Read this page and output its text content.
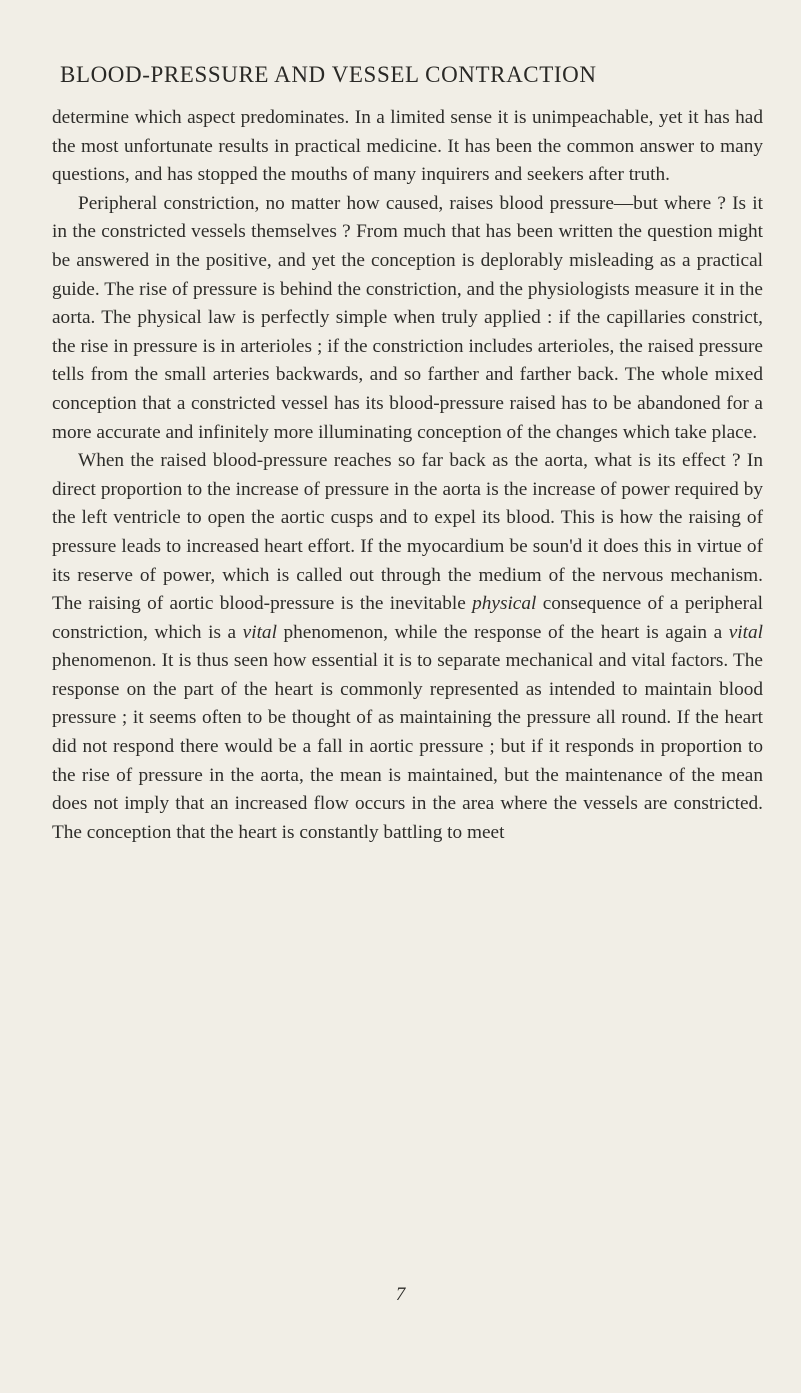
BLOOD-PRESSURE AND VESSEL CONTRACTION

determine which aspect predominates. In a limited sense it is unimpeachable, yet it has had the most unfortunate results in practical medicine. It has been the common answer to many questions, and has stopped the mouths of many inquirers and seekers after truth.

Peripheral constriction, no matter how caused, raises blood pressure—but where ? Is it in the constricted vessels themselves ? From much that has been written the question might be answered in the positive, and yet the conception is deplorably misleading as a practical guide. The rise of pressure is behind the constriction, and the physiologists measure it in the aorta. The physical law is perfectly simple when truly applied : if the capillaries constrict, the rise in pressure is in arterioles ; if the constriction includes arterioles, the raised pressure tells from the small arteries backwards, and so farther and farther back. The whole mixed conception that a constricted vessel has its blood-pressure raised has to be abandoned for a more accurate and infinitely more illuminating conception of the changes which take place.

When the raised blood-pressure reaches so far back as the aorta, what is its effect ? In direct proportion to the increase of pressure in the aorta is the increase of power required by the left ventricle to open the aortic cusps and to expel its blood. This is how the raising of pressure leads to increased heart effort. If the myocardium be soun'd it does this in virtue of its reserve of power, which is called out through the medium of the nervous mechanism. The raising of aortic blood-pressure is the inevitable physical consequence of a peripheral constriction, which is a vital phenomenon, while the response of the heart is again a vital phenomenon. It is thus seen how essential it is to separate mechanical and vital factors. The response on the part of the heart is commonly represented as intended to maintain blood pressure ; it seems often to be thought of as maintaining the pressure all round. If the heart did not respond there would be a fall in aortic pressure ; but if it responds in proportion to the rise of pressure in the aorta, the mean is maintained, but the maintenance of the mean does not imply that an increased flow occurs in the area where the vessels are constricted. The conception that the heart is constantly battling to meet

7
